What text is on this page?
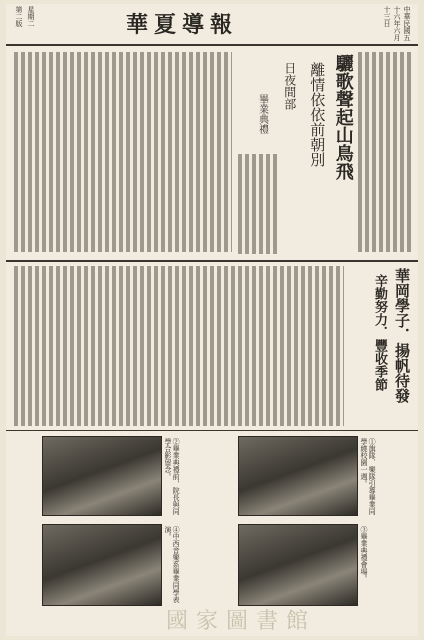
中華民國五十六年六月十三日
華夏導報
第二版 星期二
驪歌聲起山鳥飛
離情依依前朝別
日夜間部
畢業典禮
華岡學子．揚帆待發
辛勤努力．豐收季節
①旗隊．樂隊引導畢業同學繞校園一週。
②畢業典禮前，院長與同學合影留念。
③畢業典禮會場。
④中西音樂系畢業同學表演。
國家圖書館
